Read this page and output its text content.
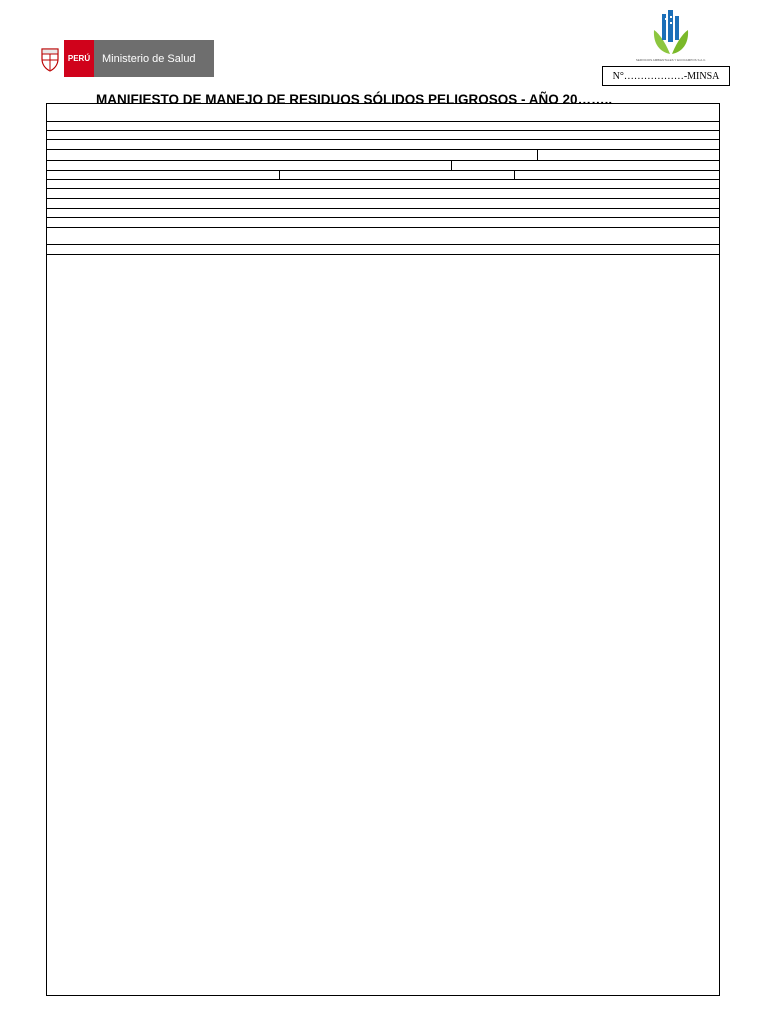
PERÚ	Ministerio de Salud	SERVICIOS AMBIENTALES Y ECOCAMPOS S.A.C.
N°………………-MINSA
MANIFIESTO DE MANEJO DE RESIDUOS SÓLIDOS PELIGROSOS - AÑO 20……..
